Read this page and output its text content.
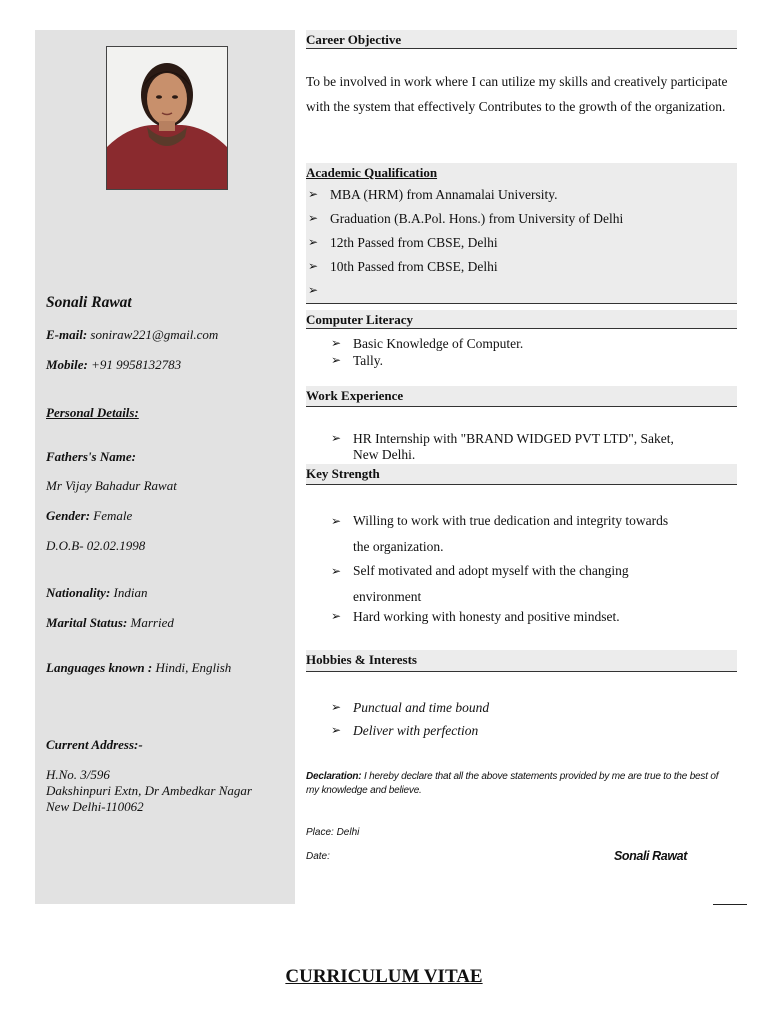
Sonali Rawat
E-mail: soniraw221@gmail.com
Mobile: +91 9958132783
Personal Details:
Fathers's Name:
Mr Vijay Bahadur Rawat
Gender: Female
D.O.B- 02.02.1998
Nationality: Indian
Marital Status: Married
Languages known : Hindi, English
Current Address:-
H.No. 3/596
Dakshinpuri Extn, Dr Ambedkar Nagar
New Delhi-110062
Career Objective
To be involved in work where I can utilize my skills and creatively participate with the system that effectively Contributes to the growth of the organization.
Academic Qualification
➢ MBA (HRM) from Annamalai University.
➢ Graduation (B.A.Pol. Hons.) from University of Delhi
➢ 12th Passed from CBSE, Delhi
➢ 10th Passed from CBSE, Delhi
➢
Computer Literacy
➢ Basic Knowledge of Computer.
➢ Tally.
Work Experience
➢ HR Internship with "BRAND WIDGED PVT LTD", Saket,
New Delhi.
Key Strength
➢ Willing to work with true dedication and integrity towards
the organization.
➢ Self motivated and adopt myself with the changing
environment
➢ Hard working with honesty and positive mindset.
Hobbies & Interests
➢ Punctual and time bound
➢ Deliver with perfection
Declaration: I hereby declare that all the above statements provided by me are true to the best of my knowledge and believe.
Place: Delhi
Date:	Sonali Rawat
CURRICULUM VITAE
